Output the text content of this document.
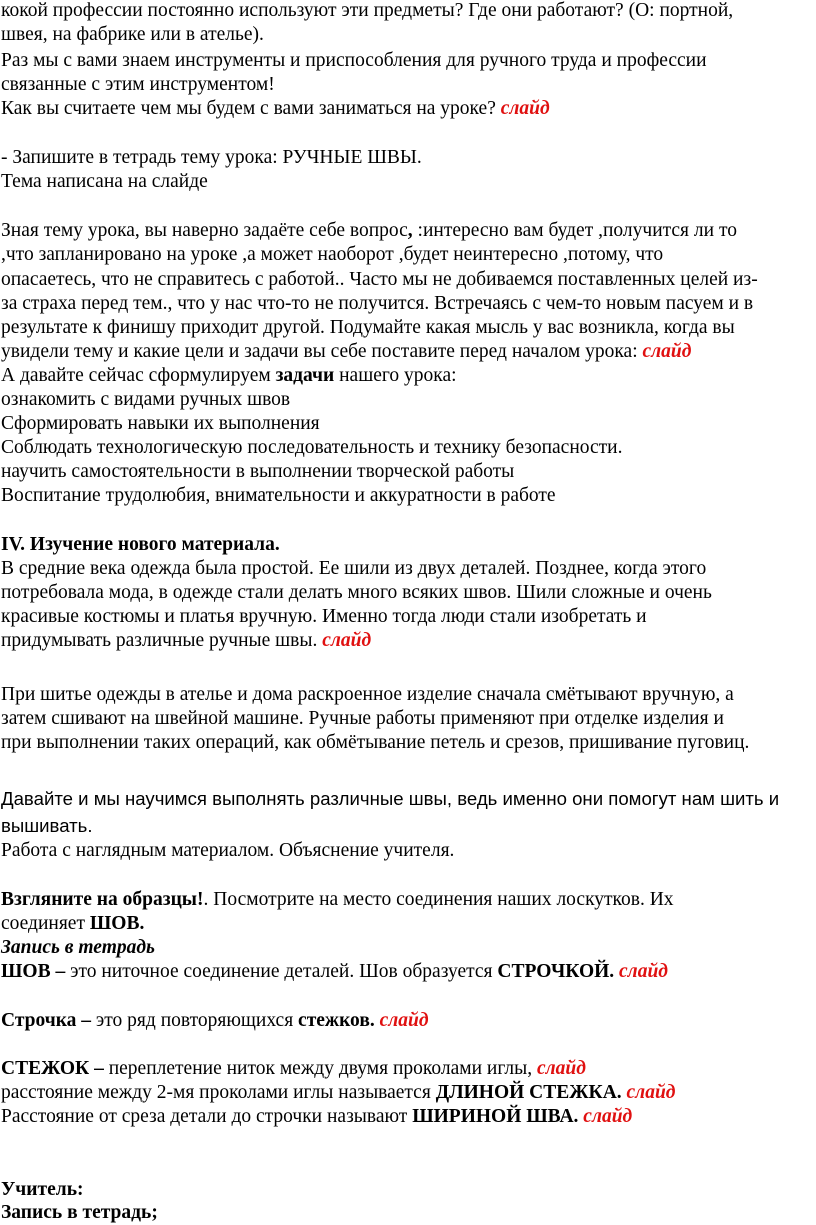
кокой профессии постоянно используют эти предметы? Где они работают? (О: портной,
швея, на фабрике или в ателье).
Раз мы с вами знаем инструменты и приспособления для ручного труда и профессии
связанные с этим инструментом!
Как вы считаете чем мы будем с вами заниматься на уроке? слайд
- Запишите в тетрадь тему урока: РУЧНЫЕ ШВЫ.
Тема написана на слайде
Зная тему урока, вы наверно задаёте себе вопрос, :интересно вам будет ,получится ли то
,что запланировано на уроке ,а может наоборот ,будет неинтересно ,потому, что
опасаетесь, что не справитесь с работой.. Часто мы не добиваемся поставленных целей из-
за страха перед тем., что у нас что-то не получится. Встречаясь с чем-то новым пасуем и в
результате к финишу приходит другой. Подумайте какая мысль у вас возникла, когда вы
увидели тему и какие цели и задачи вы себе поставите перед началом урока: слайд
А давайте сейчас сформулируем задачи нашего урока:
ознакомить с видами ручных швов
Сформировать навыки их выполнения
Соблюдать технологическую последовательность и технику безопасности.
научить самостоятельности в выполнении творческой работы
Воспитание трудолюбия, внимательности и аккуратности в работе
IV. Изучение нового материала.
В средние века одежда была простой. Ее шили из двух деталей. Позднее, когда этого
потребовала мода, в одежде стали делать много всяких швов. Шили сложные и очень
красивые костюмы и платья вручную. Именно тогда люди стали изобретать и
придумывать различные ручные швы. слайд
При шитье одежды в ателье и дома раскроенное изделие сначала смётывают вручную, а
затем сшивают на швейной машине. Ручные работы применяют при отделке изделия и
при выполнении таких операций, как обмётывание петель и срезов, пришивание пуговиц.
Давайте и мы научимся выполнять различные швы, ведь именно они помогут нам шить и
вышивать.
Работа с наглядным материалом. Объяснение учителя.
Взгляните на образцы!. Посмотрите на место соединения наших лоскутков. Их
соединяет ШОВ.
Запись в тетрадь
ШОВ – это ниточное соединение деталей. Шов образуется СТРОЧКОЙ. слайд
Строчка – это ряд повторяющихся стежков. слайд
СТЕЖОК – переплетение ниток между двумя проколами иглы, слайд
расстояние между 2-мя проколами иглы называется ДЛИНОЙ СТЕЖКА. слайд
Расстояние от среза детали до строчки называют ШИРИНОЙ ШВА. слайд
Учитель:
Запись в тетрадь;
